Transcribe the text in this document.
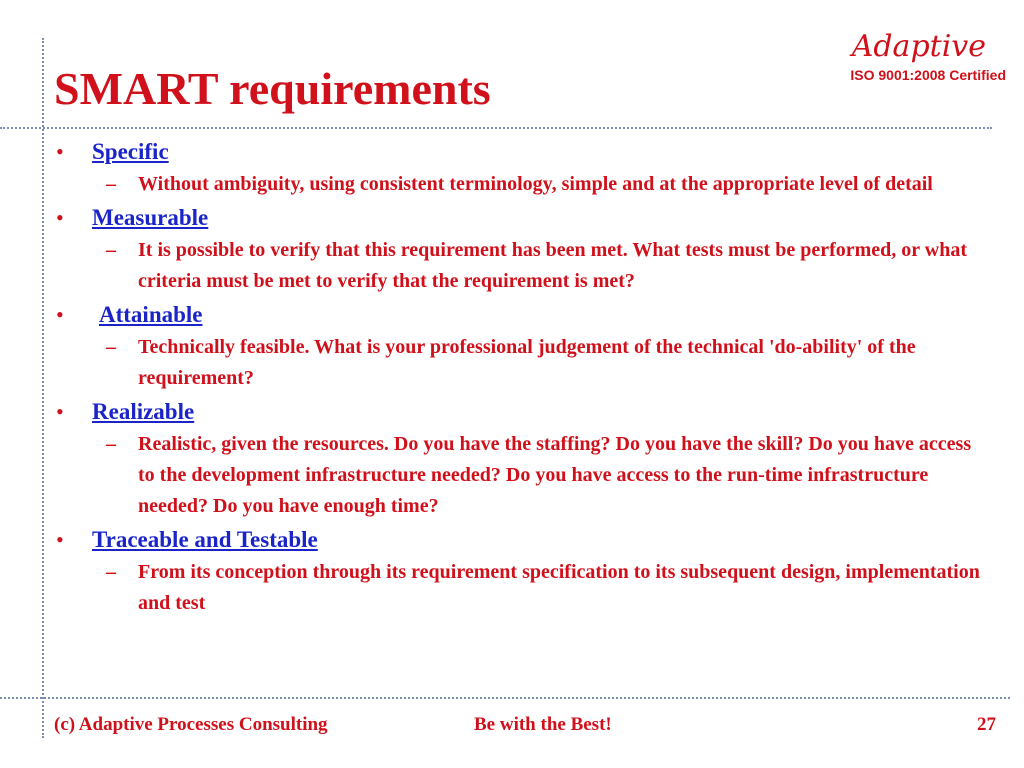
SMART requirements
Adaptive
ISO 9001:2008 Certified
• Specific
– Without ambiguity, using consistent terminology, simple and at the appropriate level of detail
• Measurable
– It is possible to verify that this requirement has been met. What tests must be performed, or what criteria must be met to verify that the requirement is met?
• Attainable
– Technically feasible. What is your professional judgement of the technical 'do-ability' of the requirement?
• Realizable
– Realistic, given the resources. Do you have the staffing? Do you have the skill? Do you have access to the development infrastructure needed? Do you have access to the run-time infrastructure needed? Do you have enough time?
• Traceable and Testable
– From its conception through its requirement specification to its subsequent design, implementation and test
(c) Adaptive Processes Consulting	Be with the Best!	27
